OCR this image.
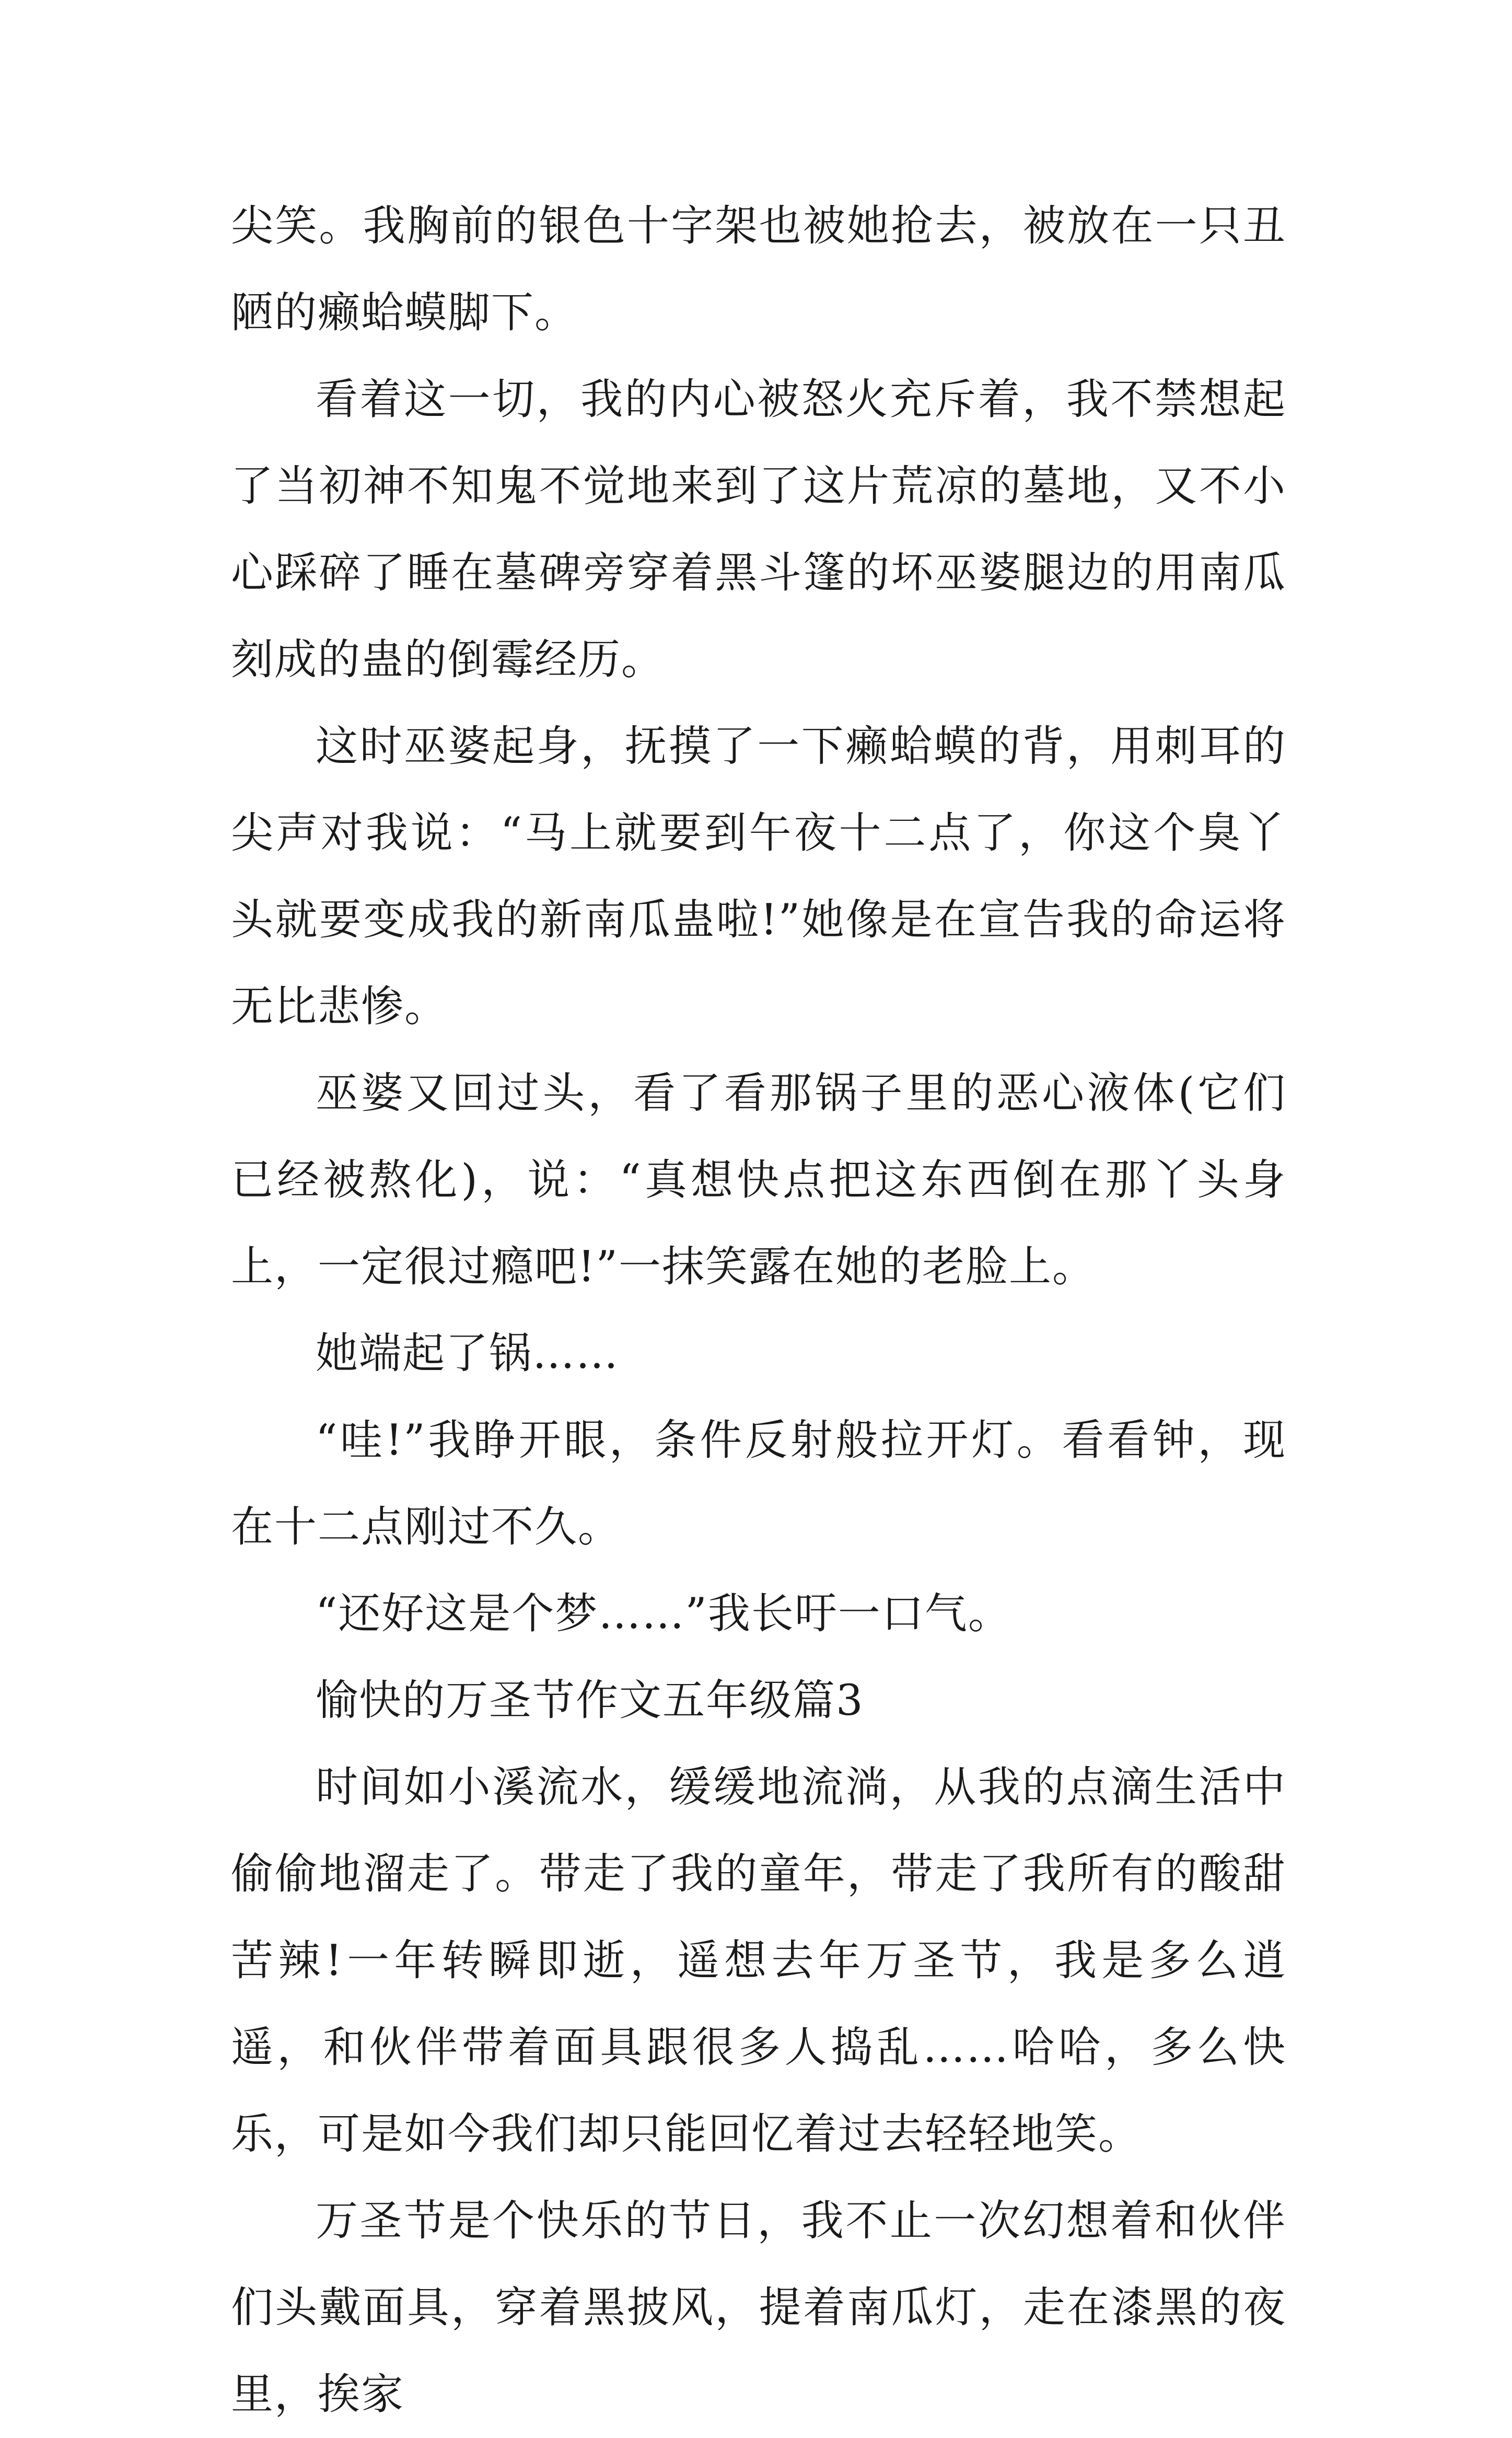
尖笑。我胸前的银色十字架也被她抢去，被放在一只丑陋的癞蛤蟆脚下。

看着这一切，我的内心被怒火充斥着，我不禁想起了当初神不知鬼不觉地来到了这片荒凉的墓地，又不小心踩碎了睡在墓碑旁穿着黑斗篷的坏巫婆腿边的用南瓜刻成的蛊的倒霉经历。

这时巫婆起身，抚摸了一下癞蛤蟆的背，用刺耳的尖声对我说：“马上就要到午夜十二点了，你这个臭丫头就要变成我的新南瓜蛊啦!”她像是在宣告我的命运将无比悲惨。

巫婆又回过头，看了看那锅子里的恶心液体(它们已经被熬化)，说：“真想快点把这东西倒在那丫头身上，一定很过瘾吧!”一抹笑露在她的老脸上。

她端起了锅……

“哇!”我睁开眼，条件反射般拉开灯。看看钟，现在十二点刚过不久。

“还好这是个梦……”我长吁一口气。

愉快的万圣节作文五年级篇3

时间如小溪流水，缓缓地流淌，从我的点滴生活中偷偷地溜走了。带走了我的童年，带走了我所有的酸甜苦辣!一年转瞬即逝，遥想去年万圣节，我是多么逍遥，和伙伴带着面具跟很多人捣乱……哈哈，多么快乐，可是如今我们却只能回忆着过去轻轻地笑。

万圣节是个快乐的节日，我不止一次幻想着和伙伴们头戴面具，穿着黑披风，提着南瓜灯，走在漆黑的夜里，挨家
